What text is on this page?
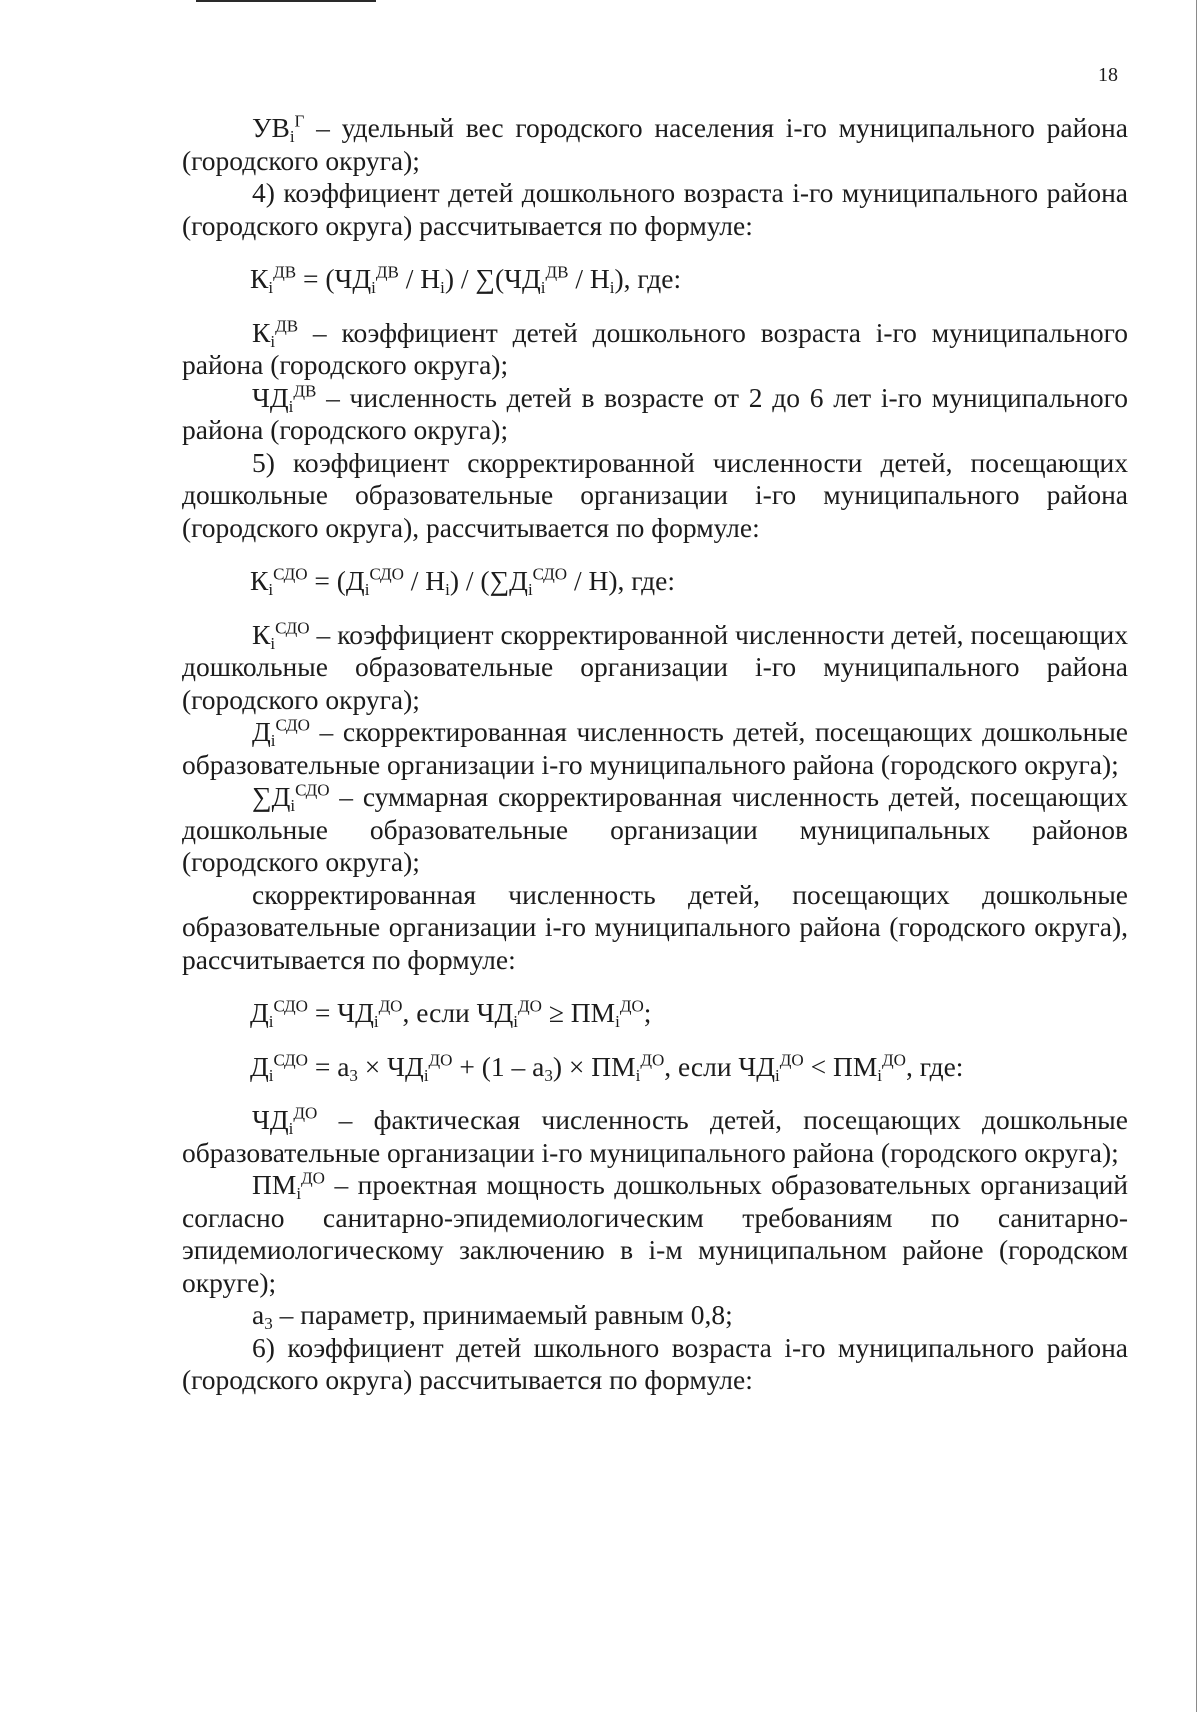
18

$УВ_i^Г$ – удельный вес городского населения i-го муниципального района (городского округа);

4) коэффициент детей дошкольного возраста i-го муниципального района (городского округа) рассчитывается по формуле:

$К_i^{ДВ} = (ЧД_i^{ДВ} / Н_i) / \sum(ЧД_i^{ДВ} / Н_i)$, где:

$К_i^{ДВ}$ – коэффициент детей дошкольного возраста i-го муниципального района (городского округа);

$ЧД_i^{ДВ}$ – численность детей в возрасте от 2 до 6 лет i-го муниципального района (городского округа);

5) коэффициент скорректированной численности детей, посещающих дошкольные образовательные организации i-го муниципального района (городского округа), рассчитывается по формуле:

$К_i^{СДО} = (Д_i^{СДО} / Н_i) / (\sum Д_i^{СДО} / Н)$, где:

$К_i^{СДО}$ – коэффициент скорректированной численности детей, посещающих дошкольные образовательные организации i-го муниципального района (городского округа);

$Д_i^{СДО}$ – скорректированная численность детей, посещающих дошкольные образовательные организации i-го муниципального района (городского округа);

$\sum Д_i^{СДО}$ – суммарная скорректированная численность детей, посещающих дошкольные образовательные организации муниципальных районов (городского округа);

скорректированная численность детей, посещающих дошкольные образовательные организации i-го муниципального района (городского округа), рассчитывается по формуле:

$Д_i^{СДО} = ЧД_i^{ДО}$, если $ЧД_i^{ДО} \ge ПМ_i^{ДО}$;

$Д_i^{СДО} = a_3 \times ЧД_i^{ДО} + (1 - a_3) \times ПМ_i^{ДО}$, если $ЧД_i^{ДО} < ПМ_i^{ДО}$, где:

$ЧД_i^{ДО}$ – фактическая численность детей, посещающих дошкольные образовательные организации i-го муниципального района (городского округа);

$ПМ_i^{ДО}$ – проектная мощность дошкольных образовательных организаций согласно санитарно-эпидемиологическим требованиям по санитарно-эпидемиологическому заключению в i-м муниципальном районе (городском округе);

$a_3$ – параметр, принимаемый равным 0,8;

6) коэффициент детей школьного возраста i-го муниципального района (городского округа) рассчитывается по формуле:
